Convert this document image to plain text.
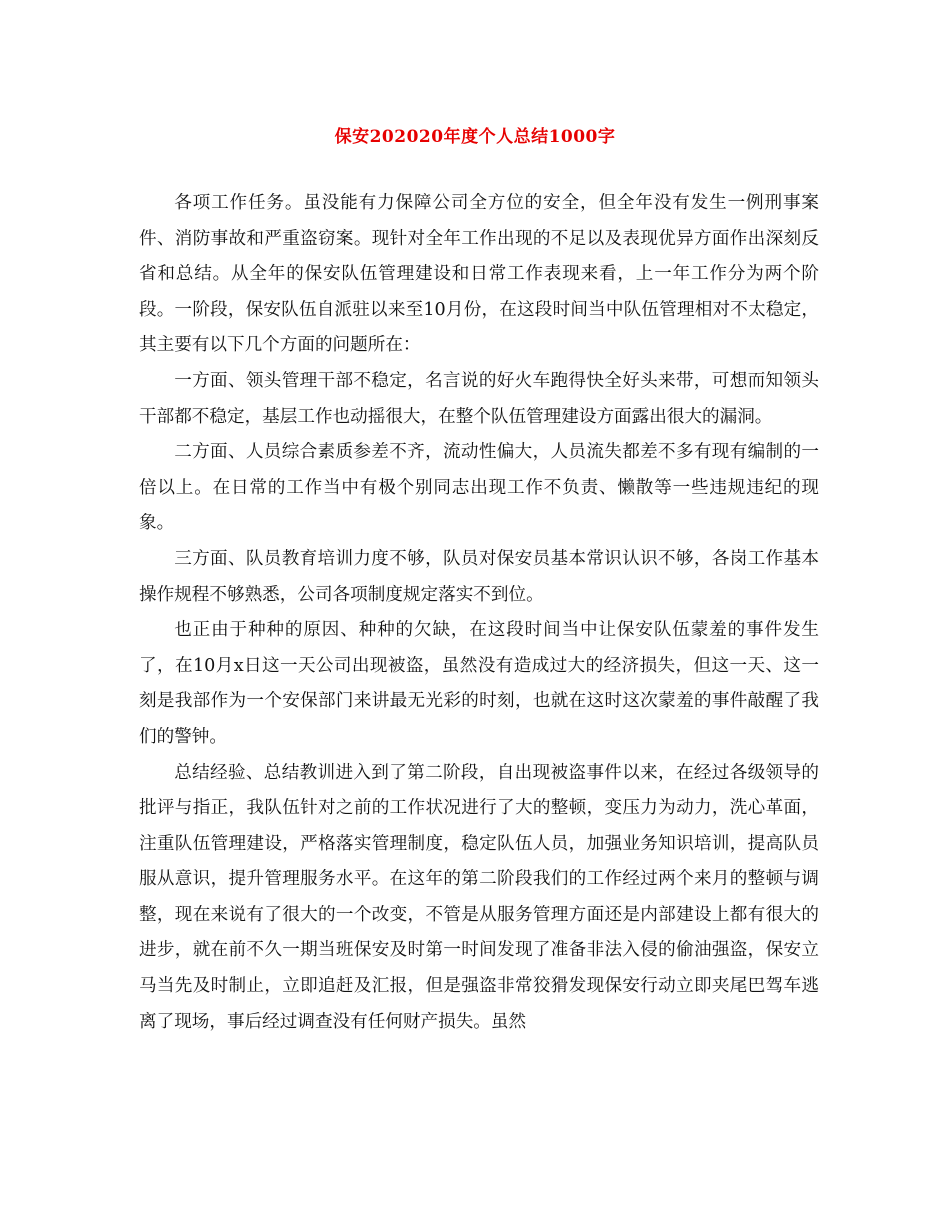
保安202020年度个人总结1000字

各项工作任务。虽没能有力保障公司全方位的安全，但全年没有发生一例刑事案件、消防事故和严重盗窃案。现针对全年工作出现的不足以及表现优异方面作出深刻反省和总结。从全年的保安队伍管理建设和日常工作表现来看，上一年工作分为两个阶段。一阶段，保安队伍自派驻以来至10月份，在这段时间当中队伍管理相对不太稳定，其主要有以下几个方面的问题所在：

一方面、领头管理干部不稳定，名言说的好火车跑得快全好头来带，可想而知领头干部都不稳定，基层工作也动摇很大，在整个队伍管理建设方面露出很大的漏洞。

二方面、人员综合素质参差不齐，流动性偏大，人员流失都差不多有现有编制的一倍以上。在日常的工作当中有极个别同志出现工作不负责、懒散等一些违规违纪的现象。

三方面、队员教育培训力度不够，队员对保安员基本常识认识不够，各岗工作基本操作规程不够熟悉，公司各项制度规定落实不到位。

也正由于种种的原因、种种的欠缺，在这段时间当中让保安队伍蒙羞的事件发生了，在10月x日这一天公司出现被盗，虽然没有造成过大的经济损失，但这一天、这一刻是我部作为一个安保部门来讲最无光彩的时刻，也就在这时这次蒙羞的事件敲醒了我们的警钟。

总结经验、总结教训进入到了第二阶段，自出现被盗事件以来，在经过各级领导的批评与指正，我队伍针对之前的工作状况进行了大的整顿，变压力为动力，洗心革面，注重队伍管理建设，严格落实管理制度，稳定队伍人员，加强业务知识培训，提高队员服从意识，提升管理服务水平。在这年的第二阶段我们的工作经过两个来月的整顿与调整，现在来说有了很大的一个改变，不管是从服务管理方面还是内部建设上都有很大的进步，就在前不久一期当班保安及时第一时间发现了准备非法入侵的偷油强盗，保安立马当先及时制止，立即追赶及汇报，但是强盗非常狡猾发现保安行动立即夹尾巴驾车逃离了现场，事后经过调查没有任何财产损失。虽然
